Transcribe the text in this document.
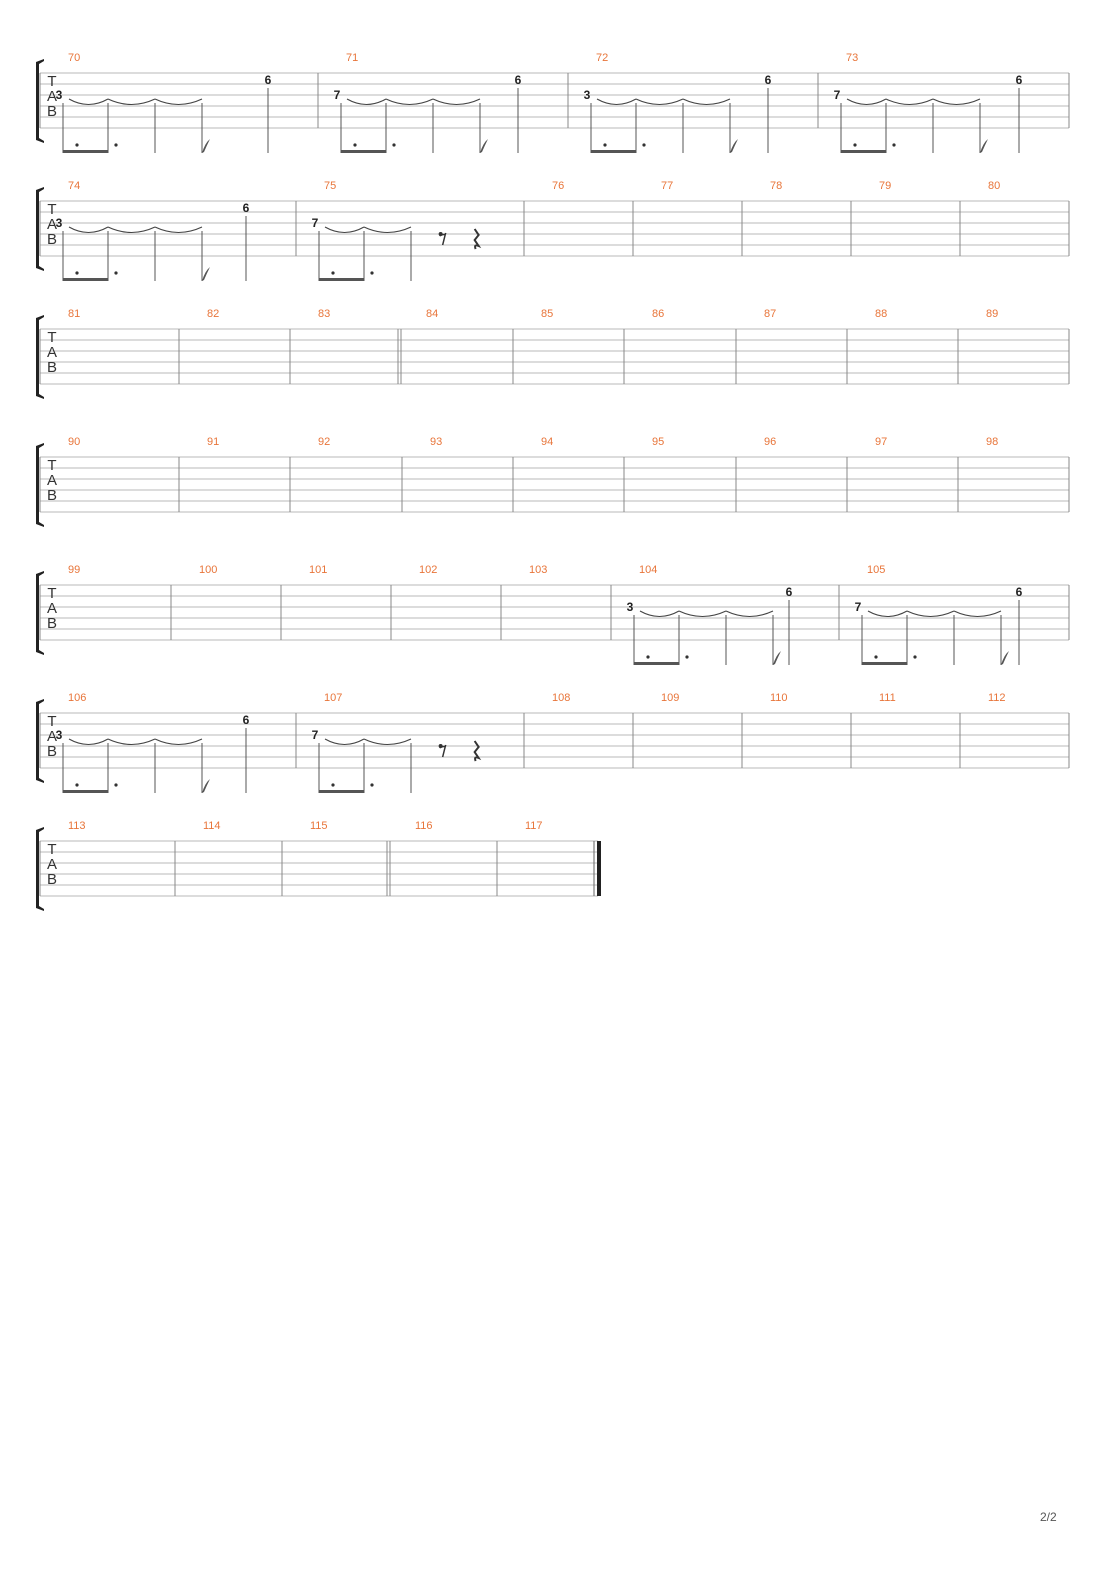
T
A
B
70
3
6
71
7
6
72
3
6
73
7
6
T
A
B
74
3
6
75
7
76	77	78	79	80
T
A
B
81	82	83	84	85	86	87	88	89
T
A
B
90	91	92	93	94	95	96	97	98
T
A
B
99	100	101	102	103	104
3
6
105
7
6
T
A
B
106
3
6
107
7
108	109	110	111	112
T
A
B
113	114	115	116	117
2/2
